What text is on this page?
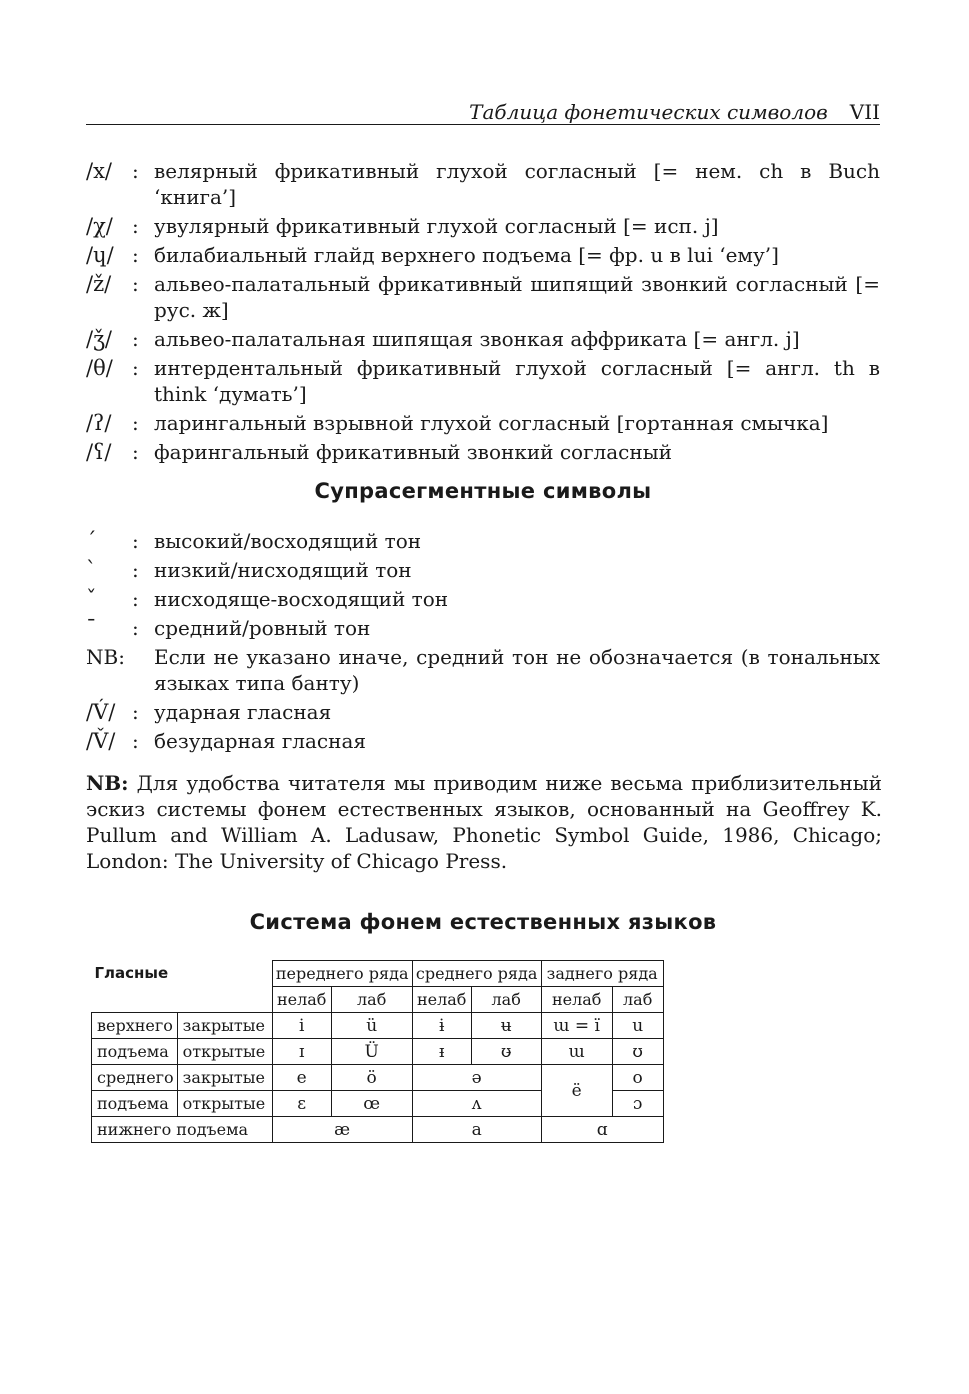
Таблица фонетических символов VII
/x/	: велярный фрикативный глухой согласный [= нем. ch в Buch ‘книга’]
/χ/ : увулярный фрикативный глухой согласный [= исп. j]
/ɥ/ : билабиальный глайд верхнего подъема [= фр. u в lui ‘ему’]
/ž/	: альвео-палатальный фрикативный шипящий звонкий согласный [= рус. ж]
/ǯ/ : альвео-палатальная шипящая звонкая аффриката [= англ. j]
/θ/ : интердентальный фрикативный глухой согласный [= англ. th в think ‘думать’]
/ʔ/	: ларингальный взрывной глухой согласный [гортанная смычка]
/ʕ/	: фарингальный фрикативный звонкий согласный
Супрасегментные символы
´	: высокий/восходящий тон
`	: низкий/нисходящий тон
ˇ	: нисходяще-восходящий тон
¯	: средний/ровный тон
NB:	Если не указано иначе, средний тон не обозначается (в тональных языках типа банту)
/V́/ : ударная гласная
/V̌/ : безударная гласная
NB: Для удобства читателя мы приводим ниже весьма приблизительный эскиз системы фонем естественных языков, основанный на Geoffrey K. Pullum and William A. Ladusaw, Phonetic Symbol Guide, 1986, Chicago; London: The University of Chicago Press.
Система фонем естественных языков
Гласные		переднего ряда		среднего ряда		заднего ряда	
		нелаб	лаб	нелаб	лаб	нелаб	лаб
верхнего	закрытые	i	ü	ɨ	ʉ	ɯ = ï	u
подъема	открытые	ɪ	Ü	ɪ̵	ʊ̵	ɯ	ʊ
среднего	закрытые	e	ö	ə		ë	o
подъема	открытые	ɛ	œ	ʌ			ɔ
нижнего подъема		æ		a		ɑ	
